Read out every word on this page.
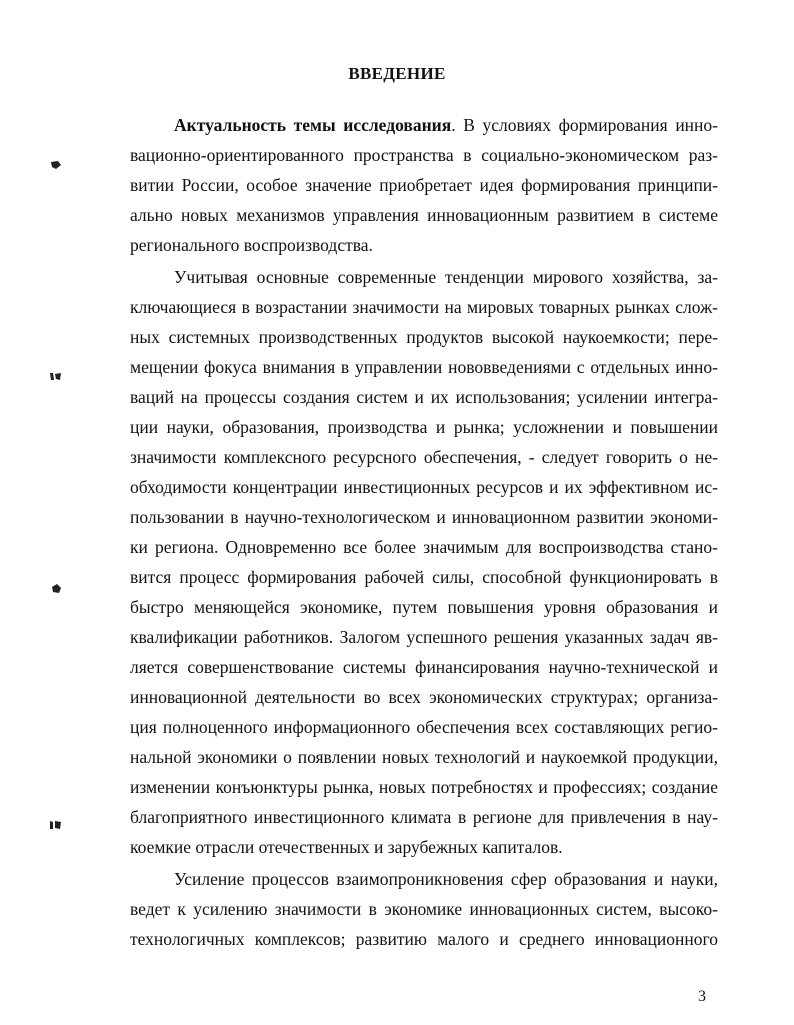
ВВЕДЕНИЕ
Актуальность темы исследования. В условиях формирования инно-
вационно-ориентированного пространства в социально-экономическом раз-
витии России, особое значение приобретает идея формирования принципи-
ально новых механизмов управления инновационным развитием в системе
регионального воспроизводства.
Учитывая основные современные тенденции мирового хозяйства, за-
ключающиеся в возрастании значимости на мировых товарных рынках слож-
ных системных производственных продуктов высокой наукоемкости; пере-
мещении фокуса внимания в управлении нововведениями с отдельных инно-
ваций на процессы создания систем и их использования; усилении интегра-
ции науки, образования, производства и рынка; усложнении и повышении
значимости комплексного ресурсного обеспечения, - следует говорить о не-
обходимости концентрации инвестиционных ресурсов и их эффективном ис-
пользовании в научно-технологическом и инновационном развитии экономи-
ки региона. Одновременно все более значимым для воспроизводства стано-
вится процесс формирования рабочей силы, способной функционировать в
быстро меняющейся экономике, путем повышения уровня образования и
квалификации работников. Залогом успешного решения указанных задач яв-
ляется совершенствование системы финансирования научно-технической и
инновационной деятельности во всех экономических структурах; организа-
ция полноценного информационного обеспечения всех составляющих регио-
нальной экономики о появлении новых технологий и наукоемкой продукции,
изменении конъюнктуры рынка, новых потребностях и профессиях; создание
благоприятного инвестиционного климата в регионе для привлечения в нау-
коемкие отрасли отечественных и зарубежных капиталов.
Усиление процессов взаимопроникновения сфер образования и науки,
ведет к усилению значимости в экономике инновационных систем, высоко-
технологичных комплексов; развитию малого и среднего инновационного
3
